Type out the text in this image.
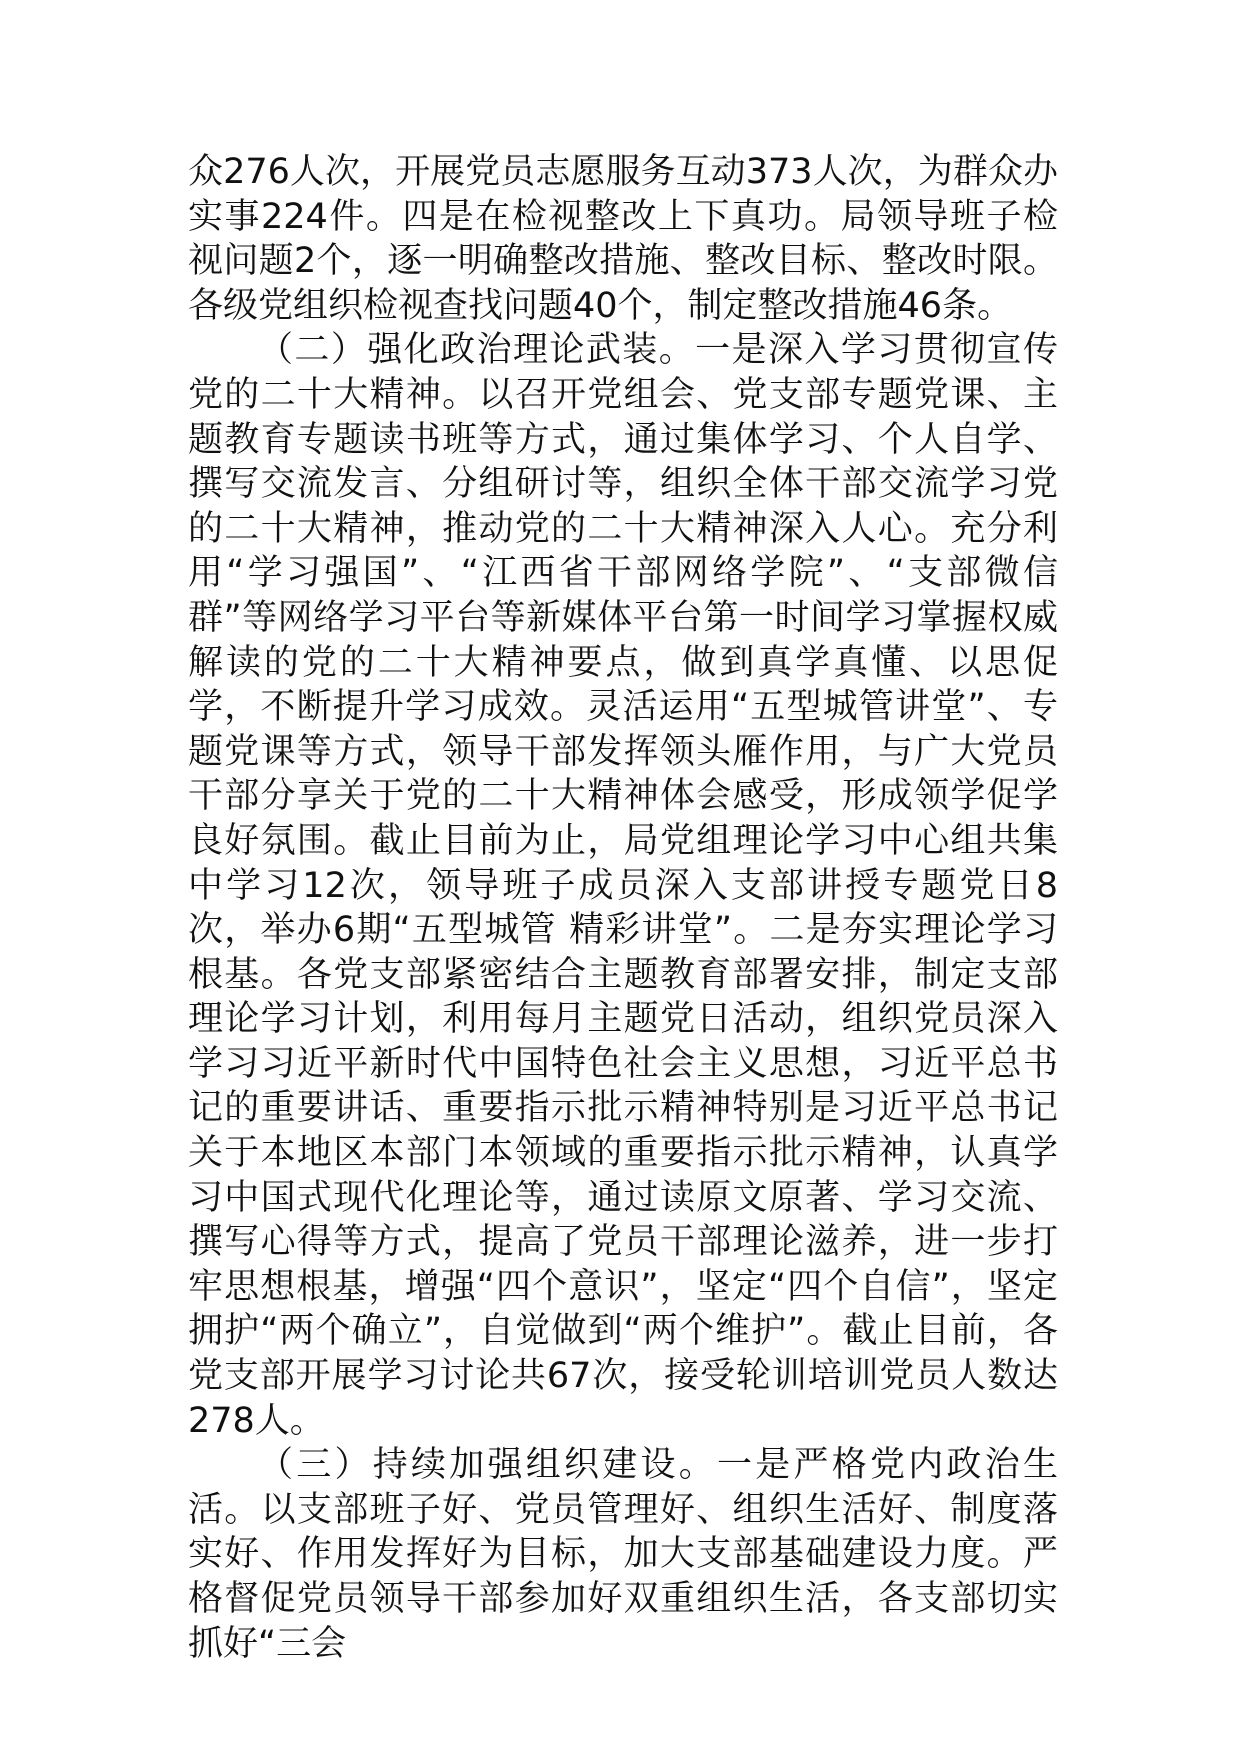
众276人次，开展党员志愿服务互动373人次，为群众办实事224件。四是在检视整改上下真功。局领导班子检视问题2个，逐一明确整改措施、整改目标、整改时限。各级党组织检视查找问题40个，制定整改措施46条。

（二）强化政治理论武装。一是深入学习贯彻宣传党的二十大精神。以召开党组会、党支部专题党课、主题教育专题读书班等方式，通过集体学习、个人自学、撰写交流发言、分组研讨等，组织全体干部交流学习党的二十大精神，推动党的二十大精神深入人心。充分利用“学习强国”、“江西省干部网络学院”、“支部微信群”等网络学习平台等新媒体平台第一时间学习掌握权威解读的党的二十大精神要点，做到真学真懂、以思促学，不断提升学习成效。灵活运用“五型城管讲堂”、专题党课等方式，领导干部发挥领头雁作用，与广大党员干部分享关于党的二十大精神体会感受，形成领学促学良好氛围。截止目前为止，局党组理论学习中心组共集中学习12次，领导班子成员深入支部讲授专题党日8次，举办6期“五型城管 精彩讲堂”。二是夯实理论学习根基。各党支部紧密结合主题教育部署安排，制定支部理论学习计划，利用每月主题党日活动，组织党员深入学习习近平新时代中国特色社会主义思想，习近平总书记的重要讲话、重要指示批示精神特别是习近平总书记关于本地区本部门本领域的重要指示批示精神，认真学习中国式现代化理论等，通过读原文原著、学习交流、撰写心得等方式，提高了党员干部理论滋养，进一步打牢思想根基，增强“四个意识”，坚定“四个自信”，坚定拥护“两个确立”，自觉做到“两个维护”。截止目前，各党支部开展学习讨论共67次，接受轮训培训党员人数达278人。

（三）持续加强组织建设。一是严格党内政治生活。以支部班子好、党员管理好、组织生活好、制度落实好、作用发挥好为目标，加大支部基础建设力度。严格督促党员领导干部参加好双重组织生活，各支部切实抓好“三会
